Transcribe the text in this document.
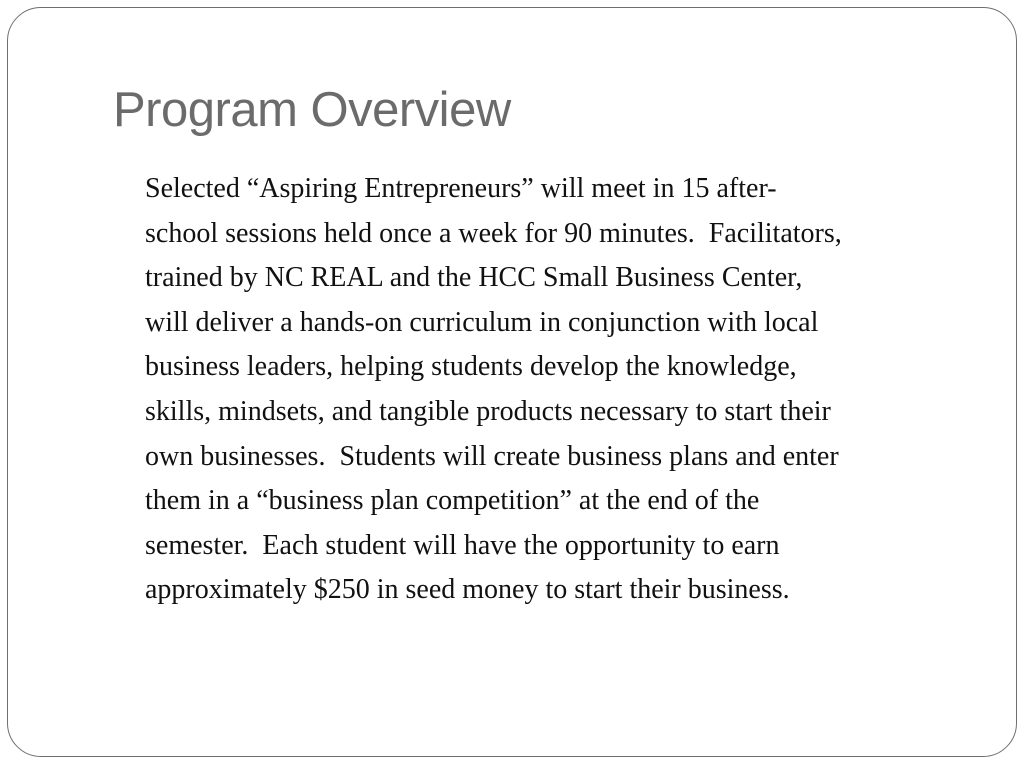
Program Overview
Selected “Aspiring Entrepreneurs” will meet in 15 after-
school sessions held once a week for 90 minutes.  Facilitators,
trained by NC REAL and the HCC Small Business Center,
will deliver a hands-on curriculum in conjunction with local
business leaders, helping students develop the knowledge,
skills, mindsets, and tangible products necessary to start their
own businesses.  Students will create business plans and enter
them in a “business plan competition” at the end of the
semester.  Each student will have the opportunity to earn
approximately $250 in seed money to start their business.
